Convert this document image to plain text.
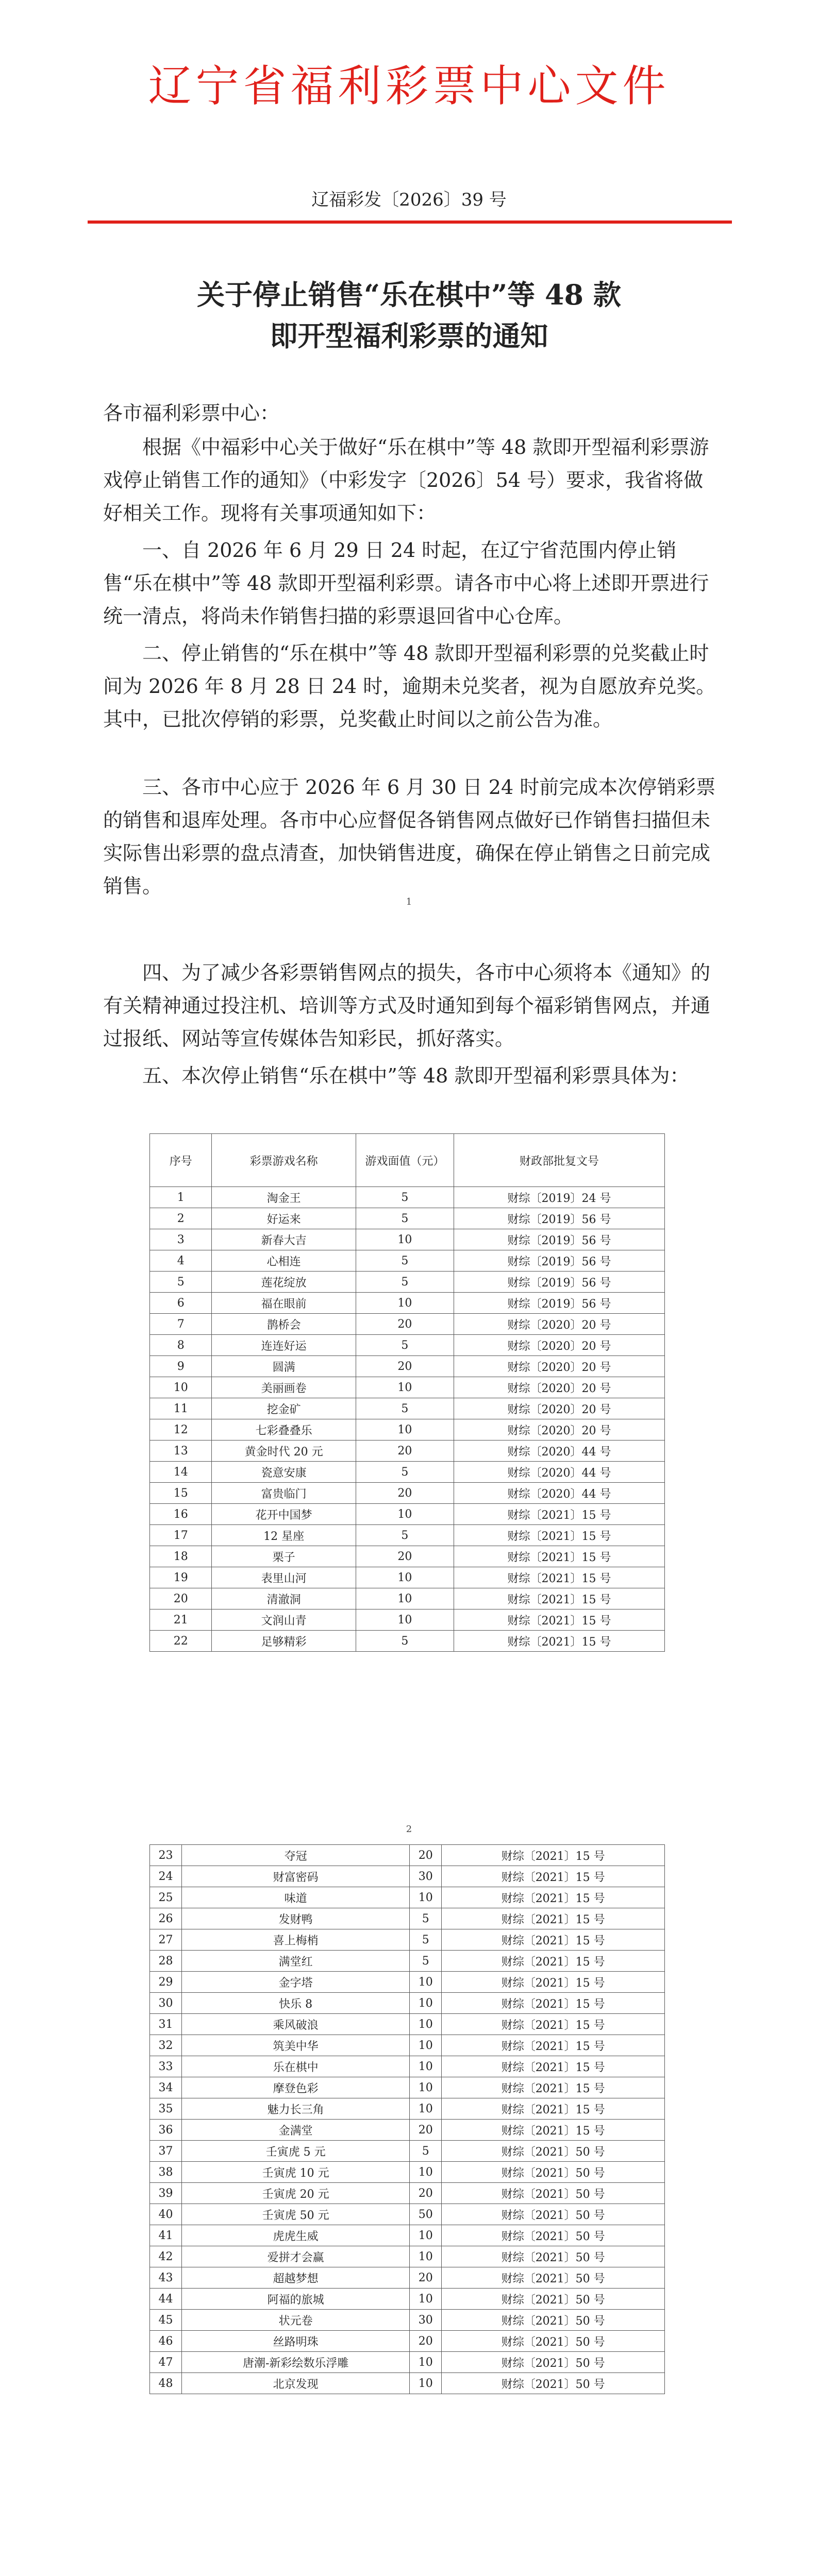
辽宁省福利彩票中心文件
辽福彩发〔2026〕39 号
关于停止销售“乐在棋中”等 48 款
即开型福利彩票的通知

各市福利彩票中心：

根据《中福彩中心关于做好“乐在棋中”等 48 款即开型福利彩票游戏停止销售工作的通知》（中彩发字〔2026〕54 号）要求，我省将做好相关工作。现将有关事项通知如下：

一、自 2026 年 6 月 29 日 24 时起，在辽宁省范围内停止销售“乐在棋中”等 48 款即开型福利彩票。请各市中心将上述即开票进行统一清点，将尚未作销售扫描的彩票退回省中心仓库。

二、停止销售的“乐在棋中”等 48 款即开型福利彩票的兑奖截止时间为 2026 年 8 月 28 日 24 时，逾期未兑奖者，视为自愿放弃兑奖。其中，已批次停销的彩票，兑奖截止时间以之前公告为准。

三、各市中心应于 2026 年 6 月 30 日 24 时前完成本次停销彩票的销售和退库处理。各市中心应督促各销售网点做好已作销售扫描但未实际售出彩票的盘点清查，加快销售进度，确保在停止销售之日前完成销售。

1

四、为了减少各彩票销售网点的损失，各市中心须将本《通知》的有关精神通过投注机、培训等方式及时通知到每个福彩销售网点，并通过报纸、网站等宣传媒体告知彩民，抓好落实。

五、本次停止销售“乐在棋中”等 48 款即开型福利彩票具体为：

序号	彩票游戏名称	游戏面值（元）	财政部批复文号
1	淘金王	5	财综〔2019〕24 号
2	好运来	5	财综〔2019〕56 号
3	新春大吉	10	财综〔2019〕56 号
4	心相连	5	财综〔2019〕56 号
5	莲花绽放	5	财综〔2019〕56 号
6	福在眼前	10	财综〔2019〕56 号
7	鹊桥会	20	财综〔2020〕20 号
8	连连好运	5	财综〔2020〕20 号
9	圆满	20	财综〔2020〕20 号
10	美丽画卷	10	财综〔2020〕20 号
11	挖金矿	5	财综〔2020〕20 号
12	七彩叠叠乐	10	财综〔2020〕20 号
13	黄金时代 20 元	20	财综〔2020〕44 号
14	瓷意安康	5	财综〔2020〕44 号
15	富贵临门	20	财综〔2020〕44 号
16	花开中国梦	10	财综〔2021〕15 号
17	12 星座	5	财综〔2021〕15 号
18	栗子	20	财综〔2021〕15 号
19	表里山河	10	财综〔2021〕15 号
20	清澈洞	10	财综〔2021〕15 号
21	文润山青	10	财综〔2021〕15 号
22	足够精彩	5	财综〔2021〕15 号
2
23	夺冠	20	财综〔2021〕15 号
24	财富密码	30	财综〔2021〕15 号
25	味道	10	财综〔2021〕15 号
26	发财鸭	5	财综〔2021〕15 号
27	喜上梅梢	5	财综〔2021〕15 号
28	满堂红	5	财综〔2021〕15 号
29	金字塔	10	财综〔2021〕15 号
30	快乐 8	10	财综〔2021〕15 号
31	乘风破浪	10	财综〔2021〕15 号
32	筑美中华	10	财综〔2021〕15 号
33	乐在棋中	10	财综〔2021〕15 号
34	摩登色彩	10	财综〔2021〕15 号
35	魅力长三角	10	财综〔2021〕15 号
36	金满堂	20	财综〔2021〕15 号
37	壬寅虎 5 元	5	财综〔2021〕50 号
38	壬寅虎 10 元	10	财综〔2021〕50 号
39	壬寅虎 20 元	20	财综〔2021〕50 号
40	壬寅虎 50 元	50	财综〔2021〕50 号
41	虎虎生威	10	财综〔2021〕50 号
42	爱拼才会赢	10	财综〔2021〕50 号
43	超越梦想	20	财综〔2021〕50 号
44	阿福的旅城	10	财综〔2021〕50 号
45	状元卷	30	财综〔2021〕50 号
46	丝路明珠	20	财综〔2021〕50 号
47	唐潮-新彩绘数乐浮雕	10	财综〔2021〕50 号
48	北京发现	10	财综〔2021〕50 号
